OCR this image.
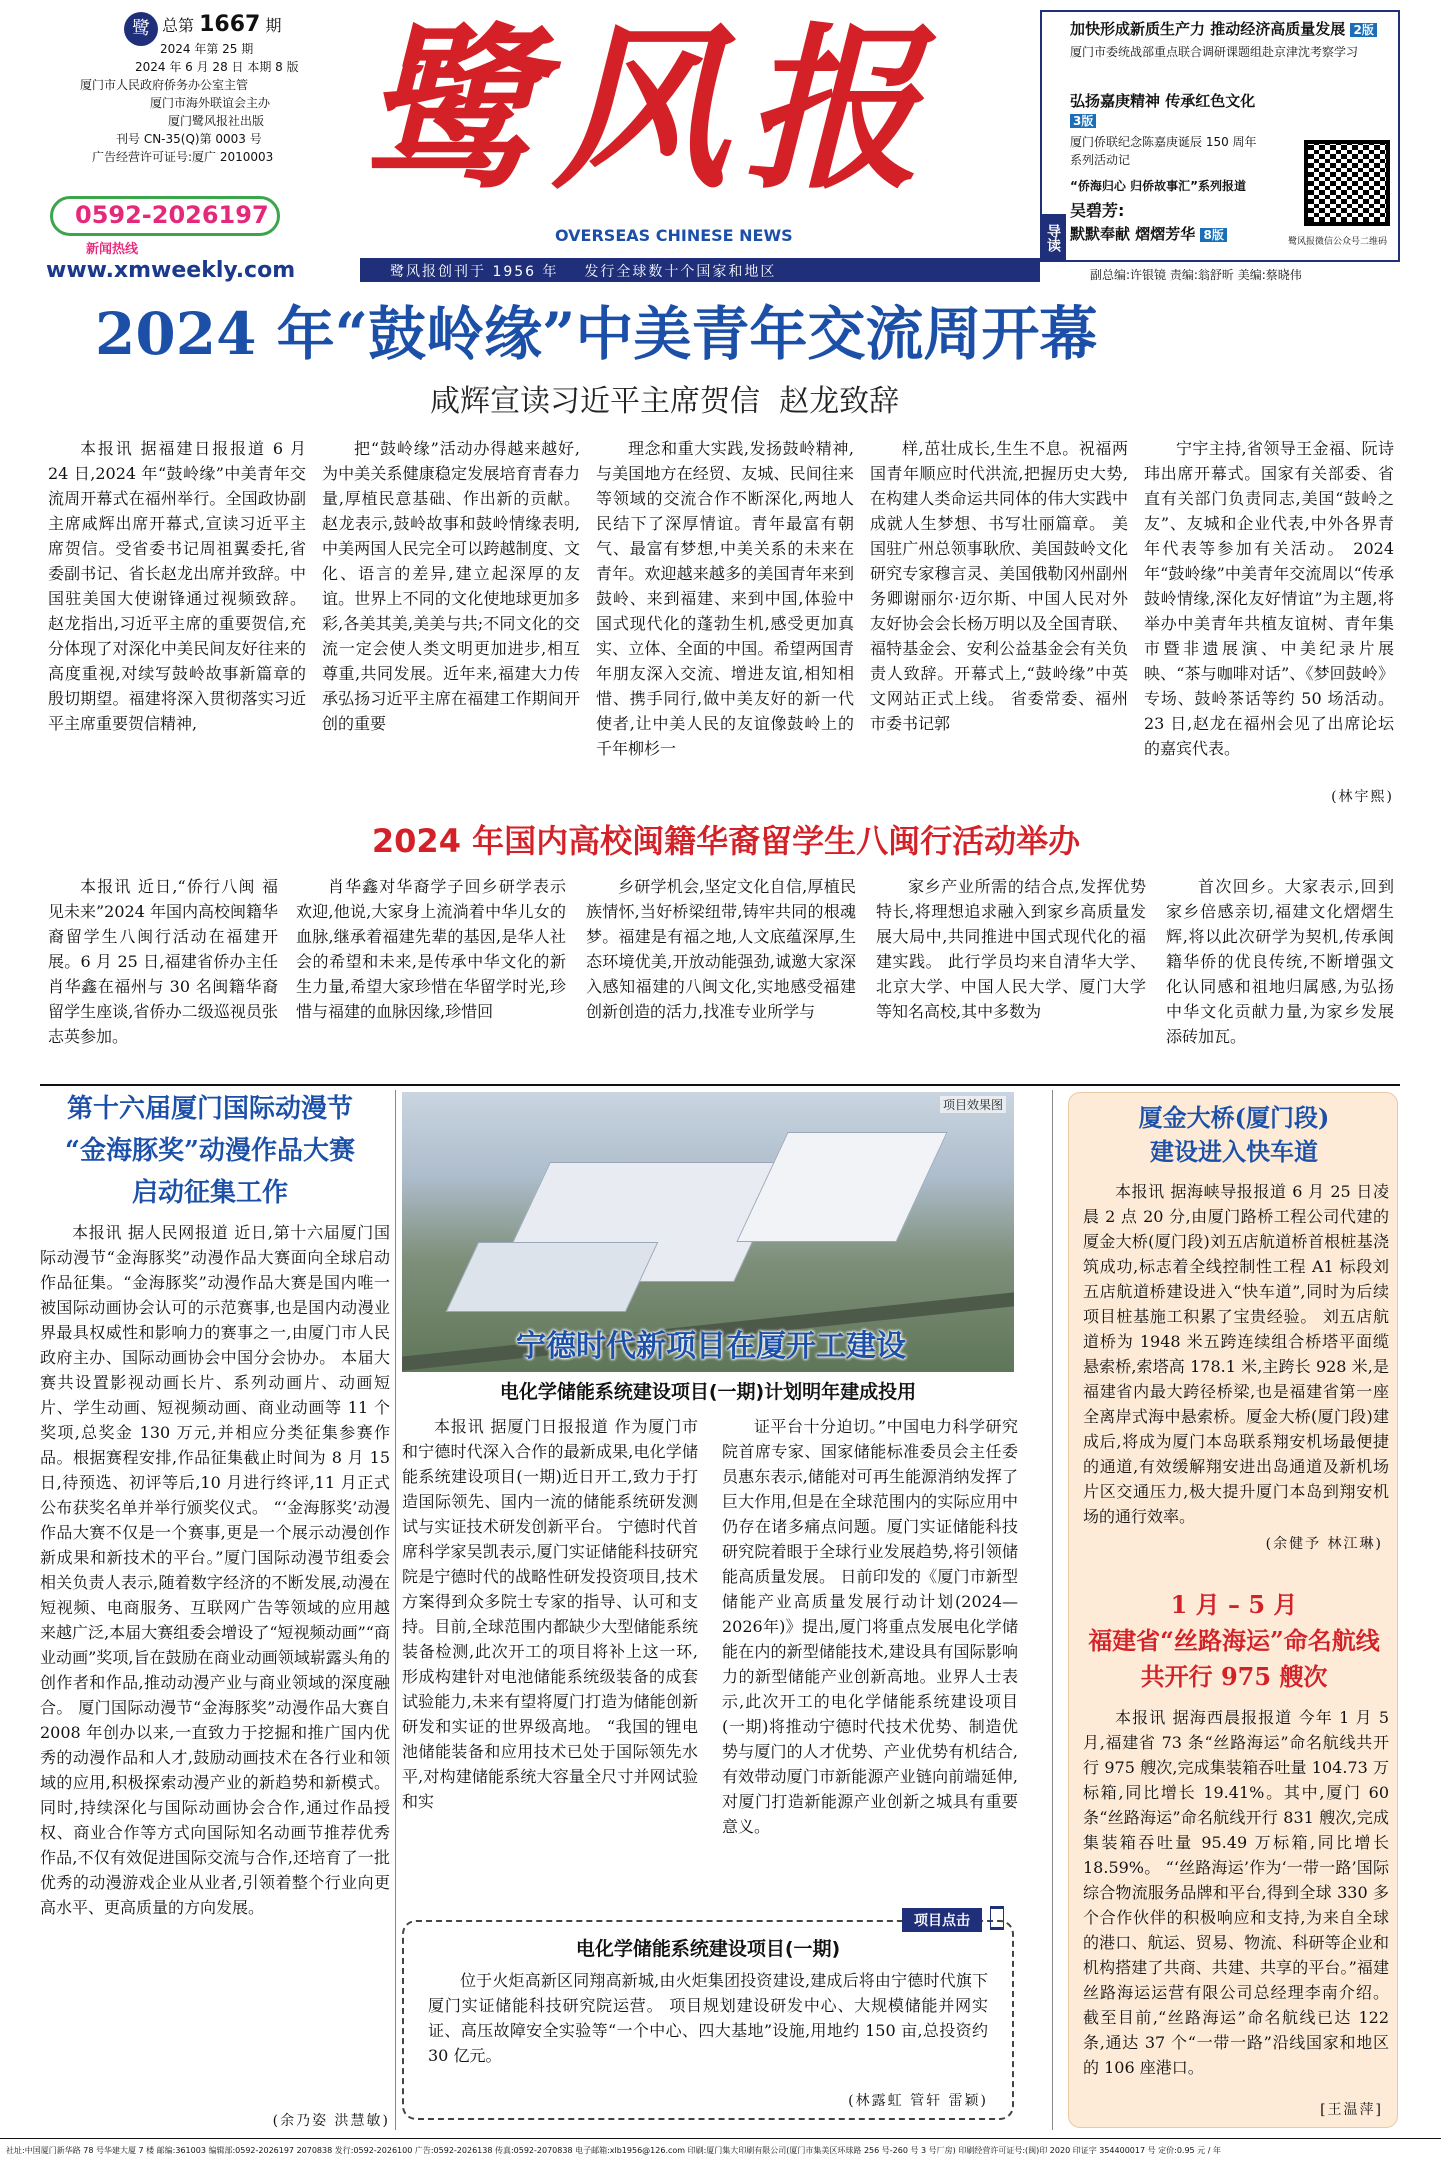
鹭 总第 1667 期
2024 年第 25 期
2024 年 6 月 28 日 本期 8 版
厦门市人民政府侨务办公室主管
厦门市海外联谊会主办
厦门鹭风报社出版
刊号 CN-35(Q)第 0003 号
广告经营许可证号:厦广 2010003
0592-2026197
新闻热线
www.xmweekly.com
鹭风报
OVERSEAS CHINESE NEWS
鹭风报创刊于 1956 年    发行全球数十个国家和地区
导读
加快形成新质生产力 推动经济高质量发展 2版
厦门市委统战部重点联合调研课题组赴京津沈考察学习
弘扬嘉庚精神 传承红色文化 3版
厦门侨联纪念陈嘉庚诞辰 150 周年系列活动记
“侨海归心 归侨故事汇”系列报道
吴碧芳:
默默奉献 熠熠芳华 8版	鹭风报微信公众号二维码
副总编:许银镜 责编:翁舒昕 美编:蔡晓伟
2024 年“鼓岭缘”中美青年交流周开幕
咸辉宣读习近平主席贺信  赵龙致辞
本报讯 据福建日报报道 6 月 24 日,2024 年“鼓岭缘”中美青年交流周开幕式在福州举行。全国政协副主席咸辉出席开幕式,宣读习近平主席贺信。受省委书记周祖翼委托,省委副书记、省长赵龙出席并致辞。中国驻美国大使谢锋通过视频致辞。 赵龙指出,习近平主席的重要贺信,充分体现了对深化中美民间友好往来的高度重视,对续写鼓岭故事新篇章的殷切期望。福建将深入贯彻落实习近平主席重要贺信精神,
把“鼓岭缘”活动办得越来越好,为中美关系健康稳定发展培育青春力量,厚植民意基础、作出新的贡献。 赵龙表示,鼓岭故事和鼓岭情缘表明,中美两国人民完全可以跨越制度、文化、语言的差异,建立起深厚的友谊。世界上不同的文化使地球更加多彩,各美其美,美美与共;不同文化的交流一定会使人类文明更加进步,相互尊重,共同发展。近年来,福建大力传承弘扬习近平主席在福建工作期间开创的重要
理念和重大实践,发扬鼓岭精神,与美国地方在经贸、友城、民间往来等领域的交流合作不断深化,两地人民结下了深厚情谊。青年最富有朝气、最富有梦想,中美关系的未来在青年。欢迎越来越多的美国青年来到鼓岭、来到福建、来到中国,体验中国式现代化的蓬勃生机,感受更加真实、立体、全面的中国。希望两国青年朋友深入交流、增进友谊,相知相惜、携手同行,做中美友好的新一代使者,让中美人民的友谊像鼓岭上的千年柳杉一
样,茁壮成长,生生不息。祝福两国青年顺应时代洪流,把握历史大势,在构建人类命运共同体的伟大实践中成就人生梦想、书写壮丽篇章。 美国驻广州总领事耿欣、美国鼓岭文化研究专家穆言灵、美国俄勒冈州副州务卿谢丽尔·迈尔斯、中国人民对外友好协会会长杨万明以及全国青联、福特基金会、安利公益基金会有关负责人致辞。开幕式上,“鼓岭缘”中英文网站正式上线。 省委常委、福州市委书记郭
宁宇主持,省领导王金福、阮诗玮出席开幕式。国家有关部委、省直有关部门负责同志,美国“鼓岭之友”、友城和企业代表,中外各界青年代表等参加有关活动。 2024 年“鼓岭缘”中美青年交流周以“传承鼓岭情缘,深化友好情谊”为主题,将举办中美青年共植友谊树、青年集市暨非遗展演、中美纪录片展映、“茶与咖啡对话”、《梦回鼓岭》专场、鼓岭茶话等约 50 场活动。 23 日,赵龙在福州会见了出席论坛的嘉宾代表。
(林宇熙)
2024 年国内高校闽籍华裔留学生八闽行活动举办
本报讯 近日,“侨行八闽 福见未来”2024 年国内高校闽籍华裔留学生八闽行活动在福建开展。6 月 25 日,福建省侨办主任肖华鑫在福州与 30 名闽籍华裔留学生座谈,省侨办二级巡视员张志英参加。
肖华鑫对华裔学子回乡研学表示欢迎,他说,大家身上流淌着中华儿女的血脉,继承着福建先辈的基因,是华人社会的希望和未来,是传承中华文化的新生力量,希望大家珍惜在华留学时光,珍惜与福建的血脉因缘,珍惜回
乡研学机会,坚定文化自信,厚植民族情怀,当好桥梁纽带,铸牢共同的根魂梦。福建是有福之地,人文底蕴深厚,生态环境优美,开放动能强劲,诚邀大家深入感知福建的八闽文化,实地感受福建创新创造的活力,找准专业所学与
家乡产业所需的结合点,发挥优势特长,将理想追求融入到家乡高质量发展大局中,共同推进中国式现代化的福建实践。 此行学员均来自清华大学、北京大学、中国人民大学、厦门大学等知名高校,其中多数为
首次回乡。大家表示,回到家乡倍感亲切,福建文化熠熠生辉,将以此次研学为契机,传承闽籍华侨的优良传统,不断增强文化认同感和祖地归属感,为弘扬中华文化贡献力量,为家乡发展添砖加瓦。
第十六届厦门国际动漫节
“金海豚奖”动漫作品大赛
启动征集工作
本报讯 据人民网报道 近日,第十六届厦门国际动漫节“金海豚奖”动漫作品大赛面向全球启动作品征集。“金海豚奖”动漫作品大赛是国内唯一被国际动画协会认可的示范赛事,也是国内动漫业界最具权威性和影响力的赛事之一,由厦门市人民政府主办、国际动画协会中国分会协办。 本届大赛共设置影视动画长片、系列动画片、动画短片、学生动画、短视频动画、商业动画等 11 个奖项,总奖金 130 万元,并相应分类征集参赛作品。根据赛程安排,作品征集截止时间为 8 月 15 日,待预选、初评等后,10 月进行终评,11 月正式公布获奖名单并举行颁奖仪式。 “‘金海豚奖’动漫作品大赛不仅是一个赛事,更是一个展示动漫创作新成果和新技术的平台。”厦门国际动漫节组委会相关负责人表示,随着数字经济的不断发展,动漫在短视频、电商服务、互联网广告等领域的应用越来越广泛,本届大赛组委会增设了“短视频动画”“商业动画”奖项,旨在鼓励在商业动画领域崭露头角的创作者和作品,推动动漫产业与商业领域的深度融合。 厦门国际动漫节“金海豚奖”动漫作品大赛自 2008 年创办以来,一直致力于挖掘和推广国内优秀的动漫作品和人才,鼓励动画技术在各行业和领域的应用,积极探索动漫产业的新趋势和新模式。同时,持续深化与国际动画协会合作,通过作品授权、商业合作等方式向国际知名动画节推荐优秀作品,不仅有效促进国际交流与合作,还培育了一批优秀的动漫游戏企业从业者,引领着整个行业向更高水平、更高质量的方向发展。
(余乃姿 洪慧敏)
项目效果图
宁德时代新项目在厦开工建设
电化学储能系统建设项目(一期)计划明年建成投用
本报讯 据厦门日报报道 作为厦门市和宁德时代深入合作的最新成果,电化学储能系统建设项目(一期)近日开工,致力于打造国际领先、国内一流的储能系统研发测试与实证技术研发创新平台。 宁德时代首席科学家吴凯表示,厦门实证储能科技研究院是宁德时代的战略性研发投资项目,技术方案得到众多院士专家的指导、认可和支持。目前,全球范围内都缺少大型储能系统装备检测,此次开工的项目将补上这一环,形成构建针对电池储能系统级装备的成套试验能力,未来有望将厦门打造为储能创新研发和实证的世界级高地。 “我国的锂电池储能装备和应用技术已处于国际领先水平,对构建储能系统大容量全尺寸并网试验和实
证平台十分迫切。”中国电力科学研究院首席专家、国家储能标准委员会主任委员惠东表示,储能对可再生能源消纳发挥了巨大作用,但是在全球范围内的实际应用中仍存在诸多痛点问题。厦门实证储能科技研究院着眼于全球行业发展趋势,将引领储能高质量发展。 日前印发的《厦门市新型储能产业高质量发展行动计划(2024—2026年)》提出,厦门将重点发展电化学储能在内的新型储能技术,建设具有国际影响力的新型储能产业创新高地。业界人士表示,此次开工的电化学储能系统建设项目(一期)将推动宁德时代技术优势、制造优势与厦门的人才优势、产业优势有机结合,有效带动厦门市新能源产业链向前端延伸,对厦门打造新能源产业创新之城具有重要意义。
项目点击
电化学储能系统建设项目(一期)
位于火炬高新区同翔高新城,由火炬集团投资建设,建成后将由宁德时代旗下厦门实证储能科技研究院运营。 项目规划建设研发中心、大规模储能并网实证、高压故障安全实验等“一个中心、四大基地”设施,用地约 150 亩,总投资约 30 亿元。
(林露虹 管轩 雷颖)
厦金大桥(厦门段)
建设进入快车道
本报讯 据海峡导报报道 6 月 25 日凌晨 2 点 20 分,由厦门路桥工程公司代建的厦金大桥(厦门段)刘五店航道桥首根桩基浇筑成功,标志着全线控制性工程 A1 标段刘五店航道桥建设进入“快车道”,同时为后续项目桩基施工积累了宝贵经验。 刘五店航道桥为 1948 米五跨连续组合桥塔平面缆悬索桥,索塔高 178.1 米,主跨长 928 米,是福建省内最大跨径桥梁,也是福建省第一座全离岸式海中悬索桥。厦金大桥(厦门段)建成后,将成为厦门本岛联系翔安机场最便捷的通道,有效缓解翔安进出岛通道及新机场片区交通压力,极大提升厦门本岛到翔安机场的通行效率。
(余健予 林江琳)
1 月 – 5 月
福建省“丝路海运”命名航线
共开行 975 艘次
本报讯 据海西晨报报道 今年 1 月 5 月,福建省 73 条“丝路海运”命名航线共开行 975 艘次,完成集装箱吞吐量 104.73 万标箱,同比增长 19.41%。其中,厦门 60 条“丝路海运”命名航线开行 831 艘次,完成集装箱吞吐量 95.49 万标箱,同比增长 18.59%。 “‘丝路海运’作为‘一带一路’国际综合物流服务品牌和平台,得到全球 330 多个合作伙伴的积极响应和支持,为来自全球的港口、航运、贸易、物流、科研等企业和机构搭建了共商、共建、共享的平台。”福建丝路海运运营有限公司总经理李南介绍。 截至目前,“丝路海运”命名航线已达 122 条,通达 37 个“一带一路”沿线国家和地区的 106 座港口。
[王温萍]
社址:中国厦门新华路 78 号华建大厦 7 楼 邮编:361003 编辑部:0592-2026197 2070838 发行:0592-2026100 广告:0592-2026138 传真:0592-2070838 电子邮箱:xlb1956@126.com 印刷:厦门集大印刷有限公司(厦门市集美区环球路 256 号-260 号 3 号厂房) 印刷经营许可证号:(闽)印 2020 印证字 354400017 号 定价:0.95 元 / 年
